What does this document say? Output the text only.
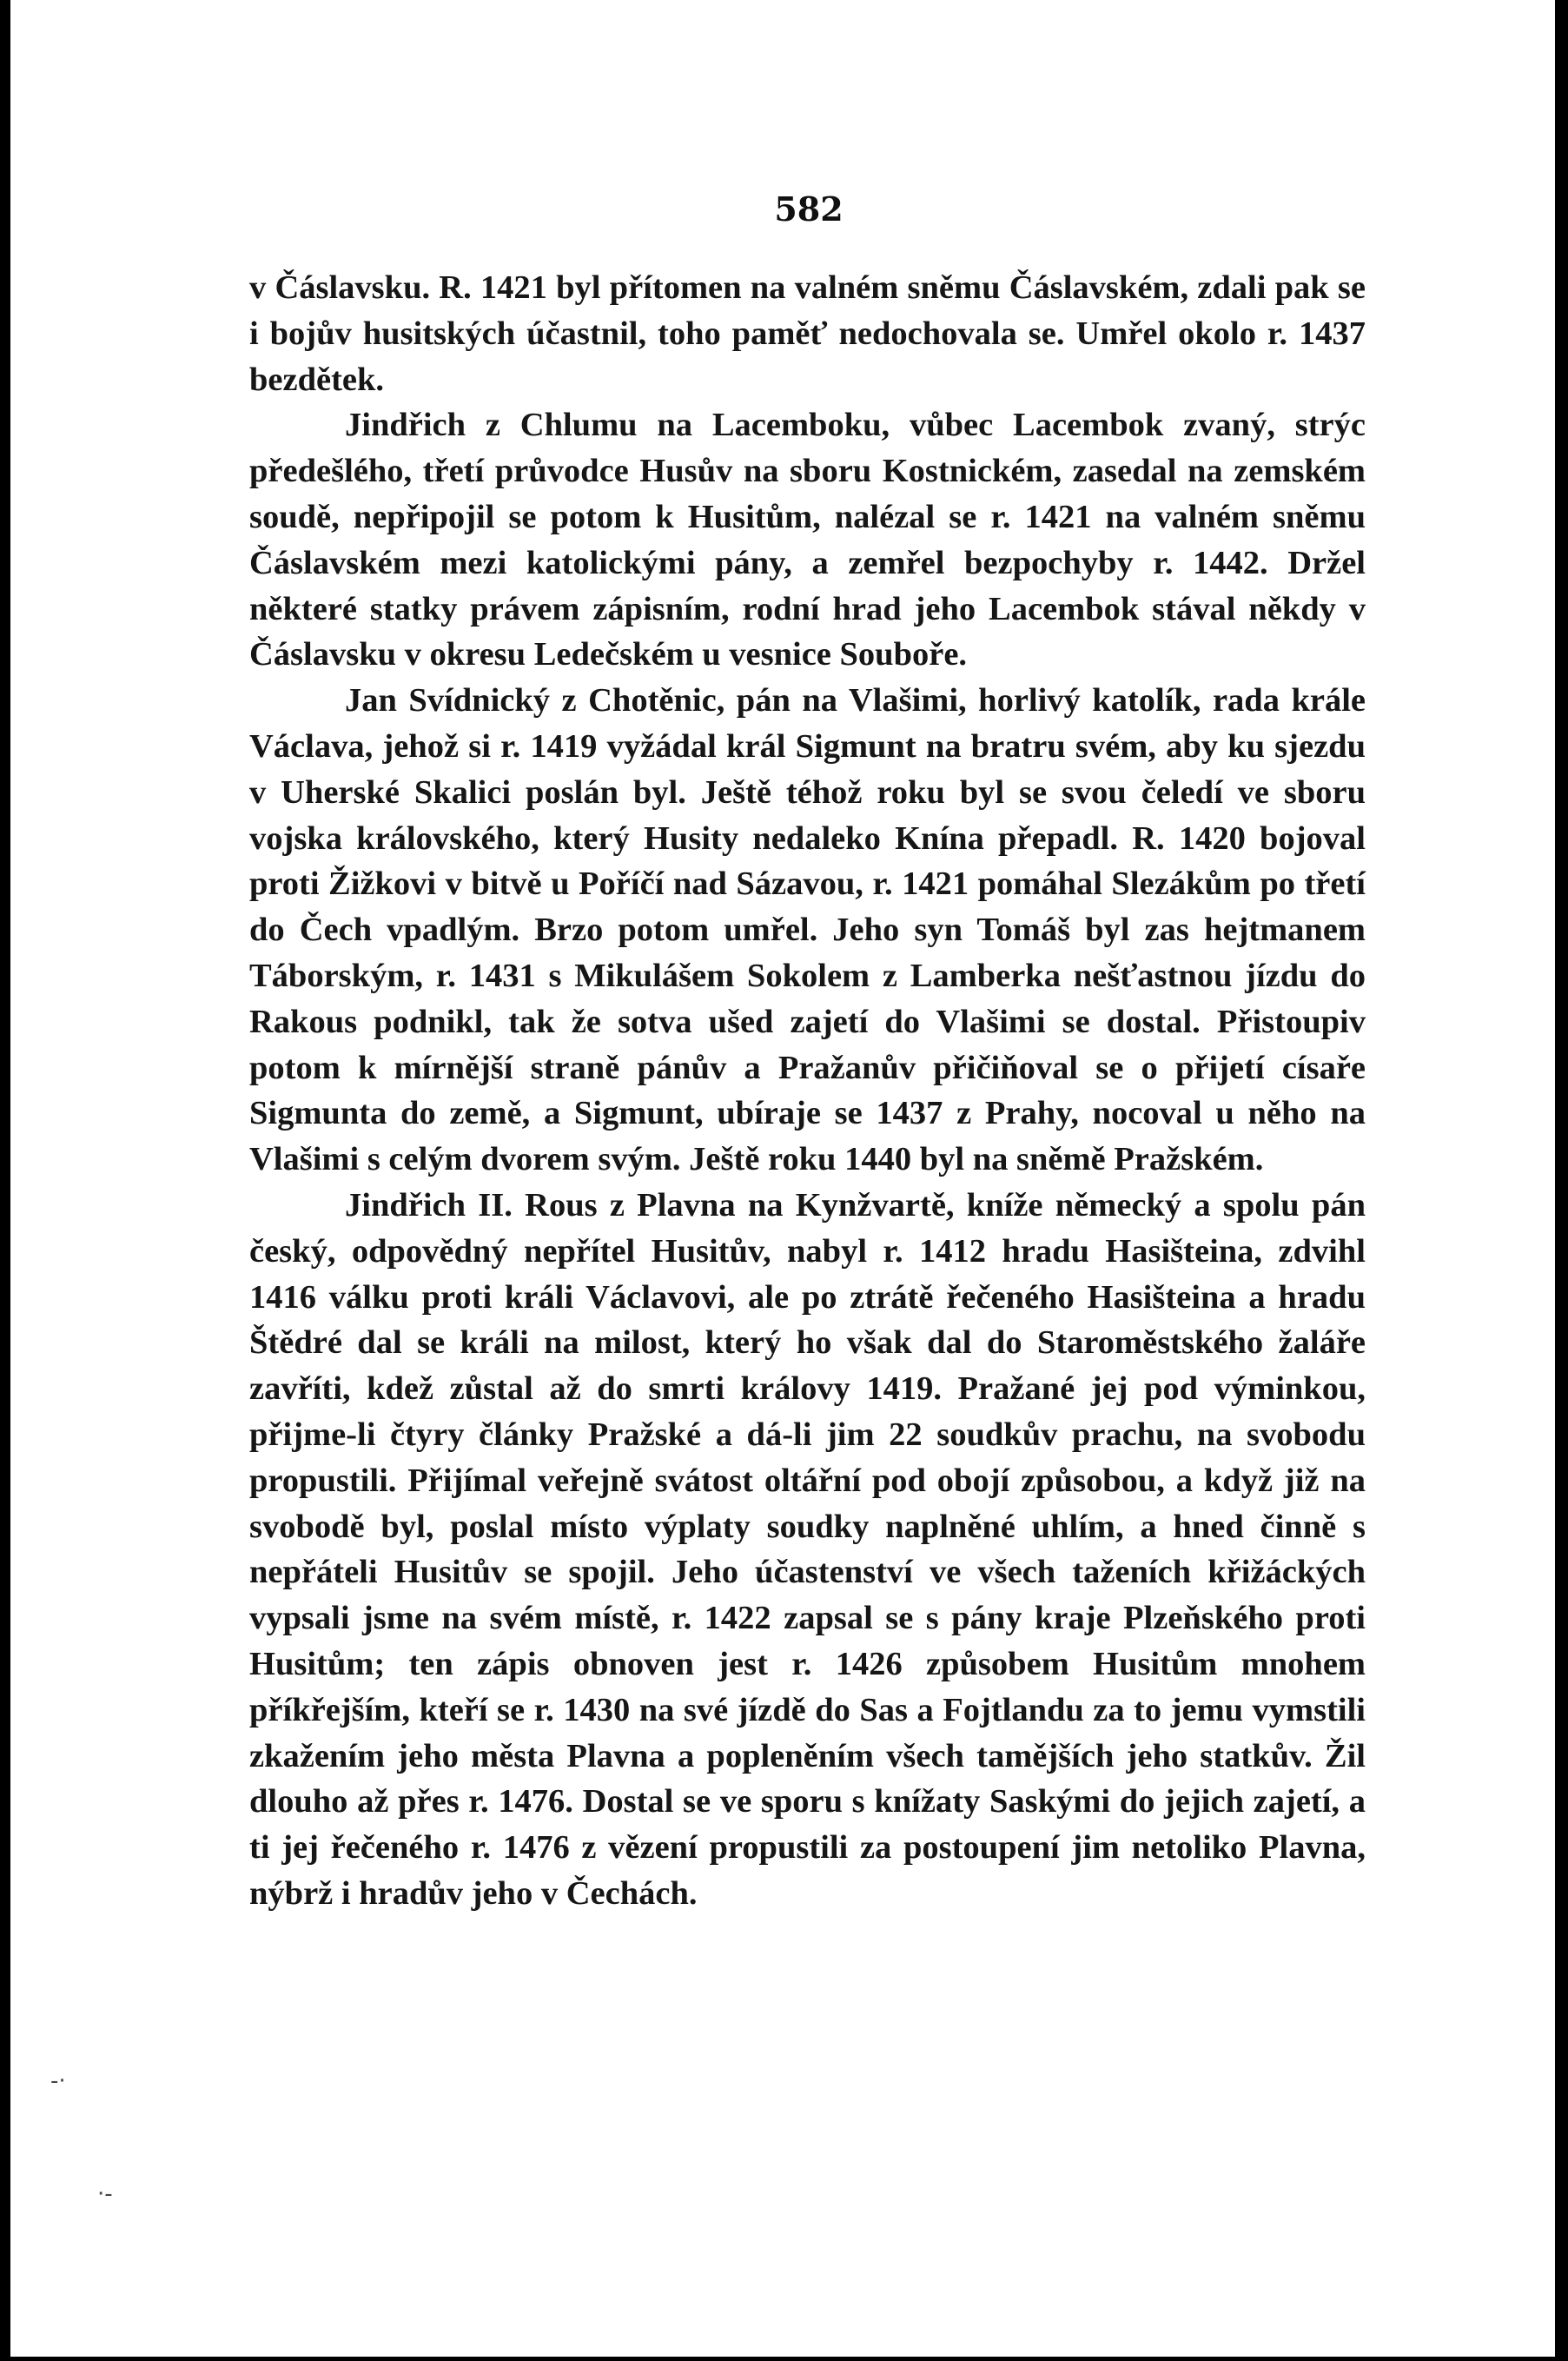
582

v Čáslavsku. R. 1421 byl přítomen na valném sněmu Čáslavském, zdali pak se i bojův husitských účastnil, toho paměť nedochovala se. Umřel okolo r. 1437 bezdětek.

Jindřich z Chlumu na Lacemboku, vůbec Lacembok zvaný, strýc předešlého, třetí průvodce Husův na sboru Kostnickém, zasedal na zemském soudě, nepřipojil se potom k Husitům, nalézal se r. 1421 na valném sněmu Čáslavském mezi katolickými pány, a zemřel bezpochyby r. 1442. Držel některé statky právem zápisním, rodní hrad jeho Lacembok stával někdy v Čáslavsku v okresu Ledečském u vesnice Souboře.

Jan Svídnický z Chotěnic, pán na Vlašimi, horlivý katolík, rada krále Václava, jehož si r. 1419 vyžádal král Sigmunt na bratru svém, aby ku sjezdu v Uherské Skalici poslán byl. Ještě téhož roku byl se svou čeledí ve sboru vojska královského, který Husity nedaleko Knína přepadl. R. 1420 bojoval proti Žižkovi v bitvě u Poříčí nad Sázavou, r. 1421 pomáhal Slezákům po třetí do Čech vpadlým. Brzo potom umřel. Jeho syn Tomáš byl zas hejtmanem Táborským, r. 1431 s Mikulášem Sokolem z Lamberka nešťastnou jízdu do Rakous podnikl, tak že sotva ušed zajetí do Vlašimi se dostal. Přistoupiv potom k mírnější straně pánův a Pražanův přičiňoval se o přijetí císaře Sigmunta do země, a Sigmunt, ubíraje se 1437 z Prahy, nocoval u něho na Vlašimi s celým dvorem svým. Ještě roku 1440 byl na sněmě Pražském.

Jindřich II. Rous z Plavna na Kynžvartě, kníže německý a spolu pán český, odpovědný nepřítel Husitův, nabyl r. 1412 hradu Hasišteina, zdvihl 1416 válku proti králi Václavovi, ale po ztrátě řečeného Hasišteina a hradu Štědré dal se králi na milost, který ho však dal do Staroměstského žaláře zavříti, kdež zůstal až do smrti královy 1419. Pražané jej pod výminkou, přijme-li čtyry články Pražské a dá-li jim 22 soudkův prachu, na svobodu propustili. Přijímal veřejně svátost oltářní pod obojí způsobou, a když již na svobodě byl, poslal místo výplaty soudky naplněné uhlím, a hned činně s nepřáteli Husitův se spojil. Jeho účastenství ve všech taženích křižáckých vypsali jsme na svém místě, r. 1422 zapsal se s pány kraje Plzeňského proti Husitům; ten zápis obnoven jest r. 1426 způsobem Husitům mnohem příkřejším, kteří se r. 1430 na své jízdě do Sas a Fojtlandu za to jemu vymstili zkažením jeho města Plavna a popleněním všech tamějších jeho statkův. Žil dlouho až přes r. 1476. Dostal se ve sporu s knížaty Saskými do jejich zajetí, a ti jej řečeného r. 1476 z vězení propustili za postoupení jim netoliko Plavna, nýbrž i hradův jeho v Čechách.

-·
·-
